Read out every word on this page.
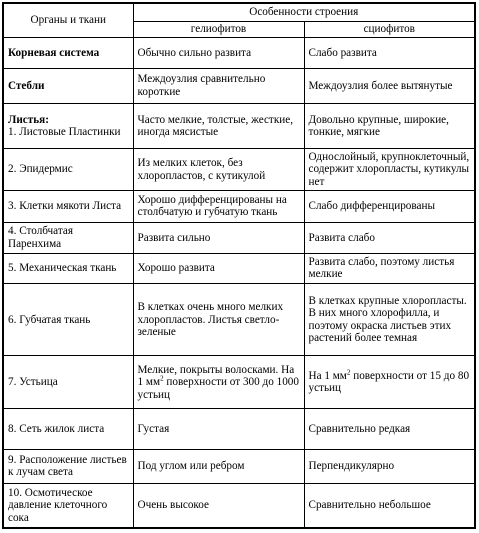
Органы и ткани	Особенности строения	
	гелиофитов	сциофитов
Корневая система	Обычно сильно развита	Слабо развита
Стебли	Междоузлия сравнительно короткие	Междоузлия более вытянутые

Листья:
1. Листовые Пластинки	Часто мелкие, толстые, жесткие, иногда мясистые	Довольно крупные, широкие, тонкие, мягкие
2. Эпидермис	Из мелких клеток, без хлоропластов, с кутикулой	Однослойный, крупноклеточный, содержит хлоропласты, кутикулы нет
3. Клетки мякоти Листа	Хорошо дифференцированы на столбчатую и губчатую ткань	Слабо дифференцированы
4. Столбчатая Паренхима	Развита сильно	Развита слабо
5. Механическая ткань	Хорошо развита	Развита слабо, поэтому листья мелкие
6. Губчатая ткань	В клетках очень много мелких хлоропластов. Листья светло-зеленые	В клетках крупные хлоропласты. В них много хлорофилла, и поэтому окраска листьев этих растений более темная
7. Устьица	Мелкие, покрыты волосками. На 1 $мм^2$ поверхности от 300 до 1000 устьиц	На 1 $мм^2$ поверхности от 15 до 80 устьиц
8. Сеть жилок листа	Густая	Сравнительно редкая
9. Расположение листьев к лучам света	Под углом или ребром	Перпендикулярно
10. Осмотическое давление клеточного сока	Очень высокое	Сравнительно небольшое
